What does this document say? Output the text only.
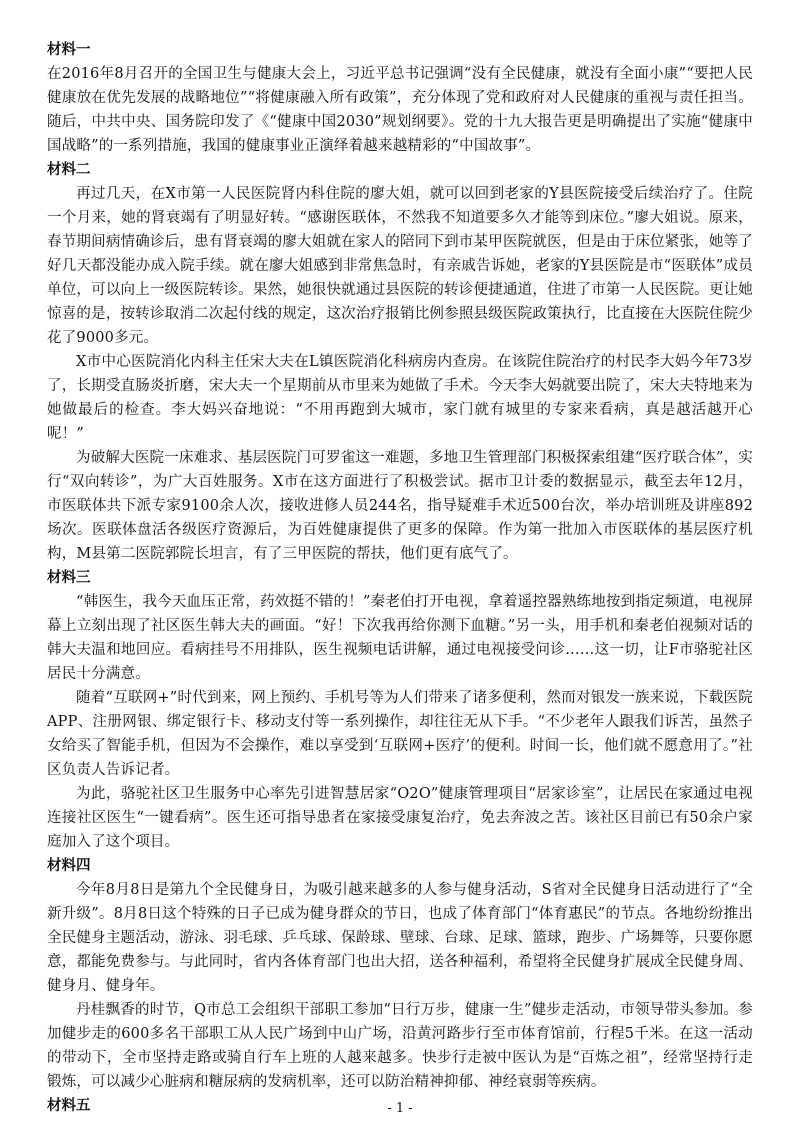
材料一

在2016年8月召开的全国卫生与健康大会上，习近平总书记强调“没有全民健康，就没有全面小康”“要把人民健康放在优先发展的战略地位”“将健康融入所有政策”，充分体现了党和政府对人民健康的重视与责任担当。随后，中共中央、国务院印发了《“健康中国2030”规划纲要》。党的十九大报告更是明确提出了实施“健康中国战略”的一系列措施，我国的健康事业正演绎着越来越精彩的“中国故事”。

材料二

再过几天，在X市第一人民医院肾内科住院的廖大姐，就可以回到老家的Y县医院接受后续治疗了。住院一个月来，她的肾衰竭有了明显好转。“感谢医联体，不然我不知道要多久才能等到床位。”廖大姐说。原来，春节期间病情确诊后，患有肾衰竭的廖大姐就在家人的陪同下到市某甲医院就医，但是由于床位紧张，她等了好几天都没能办成入院手续。就在廖大姐感到非常焦急时，有亲戚告诉她，老家的Y县医院是市“医联体”成员单位，可以向上一级医院转诊。果然，她很快就通过县医院的转诊便捷通道，住进了市第一人民医院。更让她惊喜的是，按转诊取消二次起付线的规定，这次治疗报销比例参照县级医院政策执行，比直接在大医院住院少花了9000多元。

X市中心医院消化内科主任宋大夫在L镇医院消化科病房内查房。在该院住院治疗的村民李大妈今年73岁了，长期受直肠炎折磨，宋大夫一个星期前从市里来为她做了手术。今天李大妈就要出院了，宋大夫特地来为她做最后的检查。李大妈兴奋地说：“不用再跑到大城市，家门就有城里的专家来看病，真是越活越开心呢！”

为破解大医院一床难求、基层医院门可罗雀这一难题，多地卫生管理部门积极探索组建“医疗联合体”，实行“双向转诊”，为广大百姓服务。X市在这方面进行了积极尝试。据市卫计委的数据显示，截至去年12月，市医联体共下派专家9100余人次，接收进修人员244名，指导疑难手术近500台次，举办培训班及讲座892场次。医联体盘活各级医疗资源后，为百姓健康提供了更多的保障。作为第一批加入市医联体的基层医疗机构，M县第二医院郭院长坦言，有了三甲医院的帮扶，他们更有底气了。

材料三

“韩医生，我今天血压正常，药效挺不错的！”秦老伯打开电视，拿着遥控器熟练地按到指定频道，电视屏幕上立刻出现了社区医生韩大夫的画面。“好！下次我再给你测下血糖。”另一头，用手机和秦老伯视频对话的韩大夫温和地回应。看病挂号不用排队，医生视频电话讲解，通过电视接受问诊……这一切，让F市骆驼社区居民十分满意。

随着“互联网+”时代到来，网上预约、手机号等为人们带来了诸多便利，然而对银发一族来说，下载医院APP、注册网银、绑定银行卡、移动支付等一系列操作，却往往无从下手。“不少老年人跟我们诉苦，虽然子女给买了智能手机，但因为不会操作，难以享受到‘互联网+医疗’的便利。时间一长，他们就不愿意用了。”社区负责人告诉记者。

为此，骆驼社区卫生服务中心率先引进智慧居家“O2O”健康管理项目“居家诊室”，让居民在家通过电视连接社区医生“一键看病”。医生还可指导患者在家接受康复治疗，免去奔波之苦。该社区目前已有50余户家庭加入了这个项目。

材料四

今年8月8日是第九个全民健身日，为吸引越来越多的人参与健身活动，S省对全民健身日活动进行了“全新升级”。8月8日这个特殊的日子已成为健身群众的节日，也成了体育部门“体育惠民”的节点。各地纷纷推出全民健身主题活动，游泳、羽毛球、乒乓球、保龄球、壁球、台球、足球、篮球，跑步、广场舞等，只要你愿意，都能免费参与。与此同时，省内各体育部门也出大招，送各种福利，希望将全民健身扩展成全民健身周、健身月、健身年。

丹桂飘香的时节，Q市总工会组织干部职工参加“日行万步，健康一生”健步走活动，市领导带头参加。参加健步走的600多名干部职工从人民广场到中山广场，沿黄河路步行至市体育馆前，行程5千米。在这一活动的带动下，全市坚持走路或骑自行车上班的人越来越多。快步行走被中医认为是“百炼之祖”，经常坚持行走锻炼，可以减少心脏病和糖尿病的发病机率，还可以防治精神抑郁、神经衰弱等疾病。

材料五	- 1 -
